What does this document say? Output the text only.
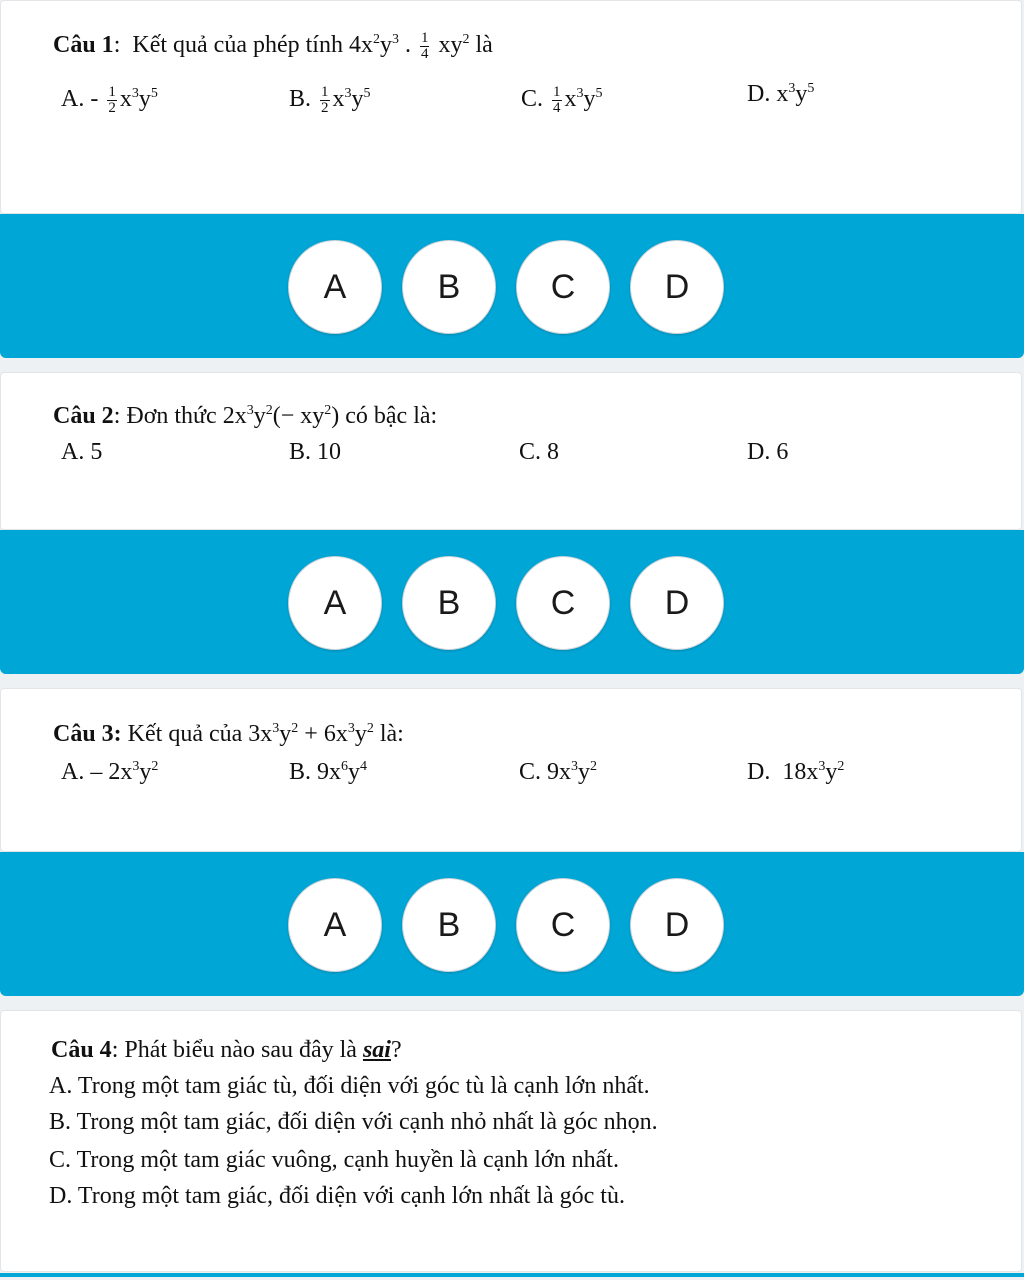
Câu 1:  Kết quả của phép tính $4x^2y^3$ . $\frac{1}{4} xy^2$ là
A. - $\frac{1}{2} x^3y^5$	B. $\frac{1}{2} x^3y^5$	C. $\frac{1}{4} x^3y^5$	D. $x^3y^5$
A	B	C	D
Câu 2: Đơn thức $2x^3y^2(- xy^2)$ có bậc là:
A. 5	B. 10	C. 8	D. 6
A	B	C	D
Câu 3: Kết quả của $3x^3y^2 + 6x^3y^2$ là:
A. – $2x^3y^2$	B. $9x^6y^4$	C. $9x^3y^2$	D.  $18x^3y^2$
A	B	C	D
Câu 4: Phát biểu nào sau đây là sai?
A. Trong một tam giác tù, đối diện với góc tù là cạnh lớn nhất.
B. Trong một tam giác, đối diện với cạnh nhỏ nhất là góc nhọn.
C. Trong một tam giác vuông, cạnh huyền là cạnh lớn nhất.
D. Trong một tam giác, đối diện với cạnh lớn nhất là góc tù.
